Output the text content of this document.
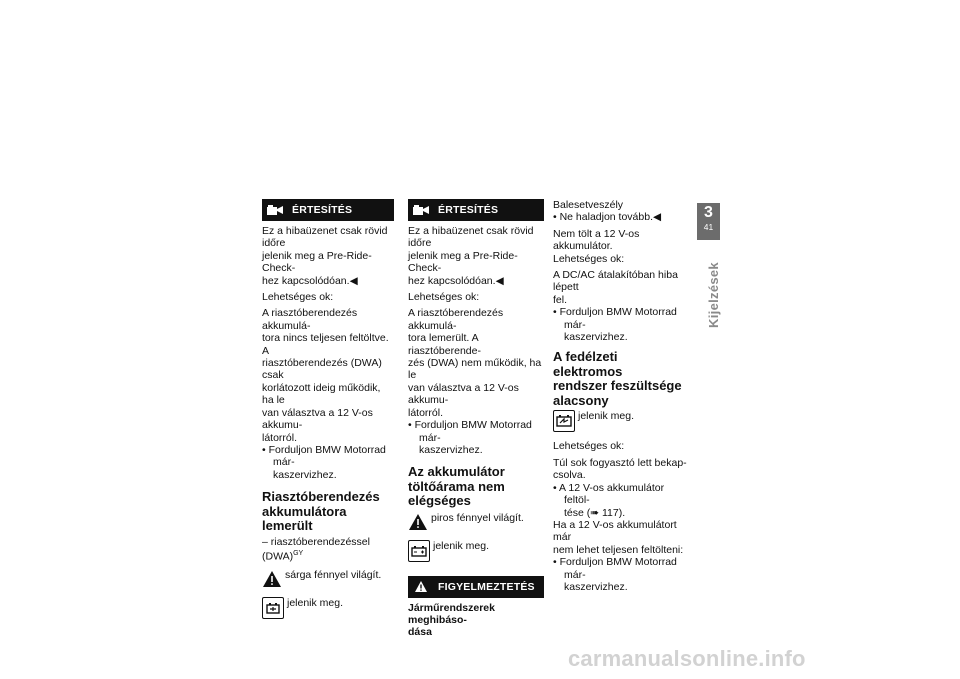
ÉRTESÍTÉS

Ez a hibaüzenet csak rövid időre
jelenik meg a Pre-Ride-Check-
hez kapcsolódóan.◀

Lehetséges ok:

A riasztóberendezés akkumulá-
tora nincs teljesen feltöltve. A
riasztóberendezés (DWA) csak
korlátozott ideig működik, ha le
van választva a 12 V-os akkumu-
látorról.

• Forduljon BMW Motorrad már-
kaszervizhez.

Riasztóberendezés
akkumulátora lemerült

– riasztóberendezéssel (DWA)$^{GY}$

sárga fénnyel világít.
jelenik meg.
ÉRTESÍTÉS

Ez a hibaüzenet csak rövid időre
jelenik meg a Pre-Ride-Check-
hez kapcsolódóan.◀

Lehetséges ok:

A riasztóberendezés akkumulá-
tora lemerült. A riasztóberende-
zés (DWA) nem működik, ha le
van választva a 12 V-os akkumu-
látorról.

• Forduljon BMW Motorrad már-
kaszervizhez.

Az akkumulátor
töltőárama nem elégséges

piros fénnyel világít.
jelenik meg.
FIGYELMEZTETÉS

Járműrendszerek meghibáso-
dása

Balesetveszély

• Ne haladjon tovább.◀

Nem tölt a 12 V-os akkumulátor.

Lehetséges ok:

A DC/AC átalakítóban hiba lépett
fel.

• Forduljon BMW Motorrad már-
kaszervizhez.

A fedélzeti elektromos
rendszer feszültsége
alacsony

jelenik meg.

Lehetséges ok:

Túl sok fogyasztó lett bekap-
csolva.

• A 12 V-os akkumulátor feltöl-
tése (➠ 117).

Ha a 12 V-os akkumulátort már
nem lehet teljesen feltölteni:

• Forduljon BMW Motorrad már-
kaszervizhez.

3
41
Kijelzések
carmanualsonline.info
